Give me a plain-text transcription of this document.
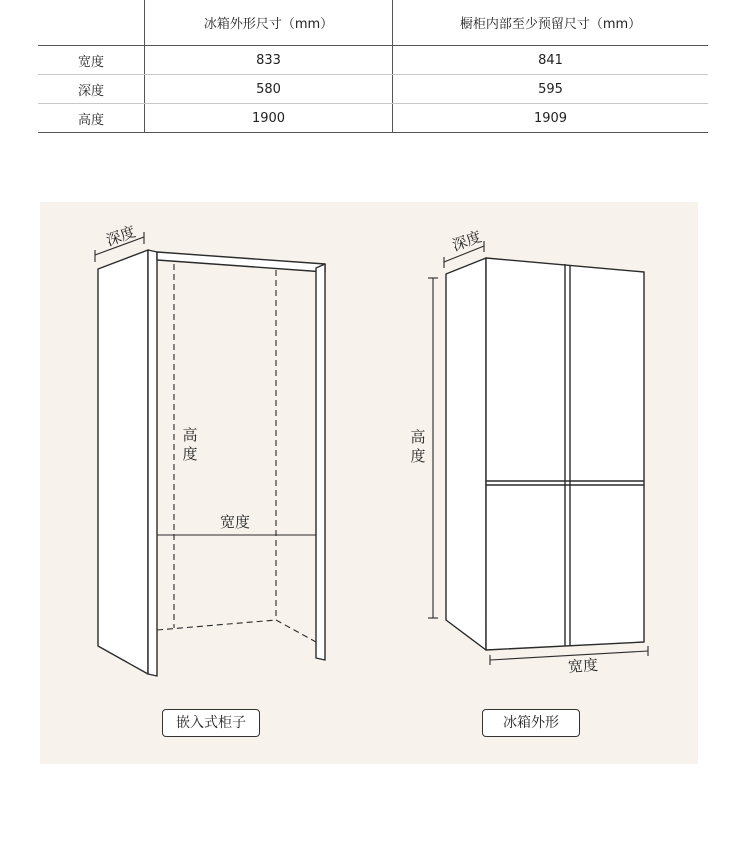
	冰箱外形尺寸（mm）	橱柜内部至少预留尺寸（mm）
宽度	833	841
深度	580	595
高度	1900	1909
深度
高度
宽度
嵌入式柜子
深度
高度
宽度
冰箱外形
